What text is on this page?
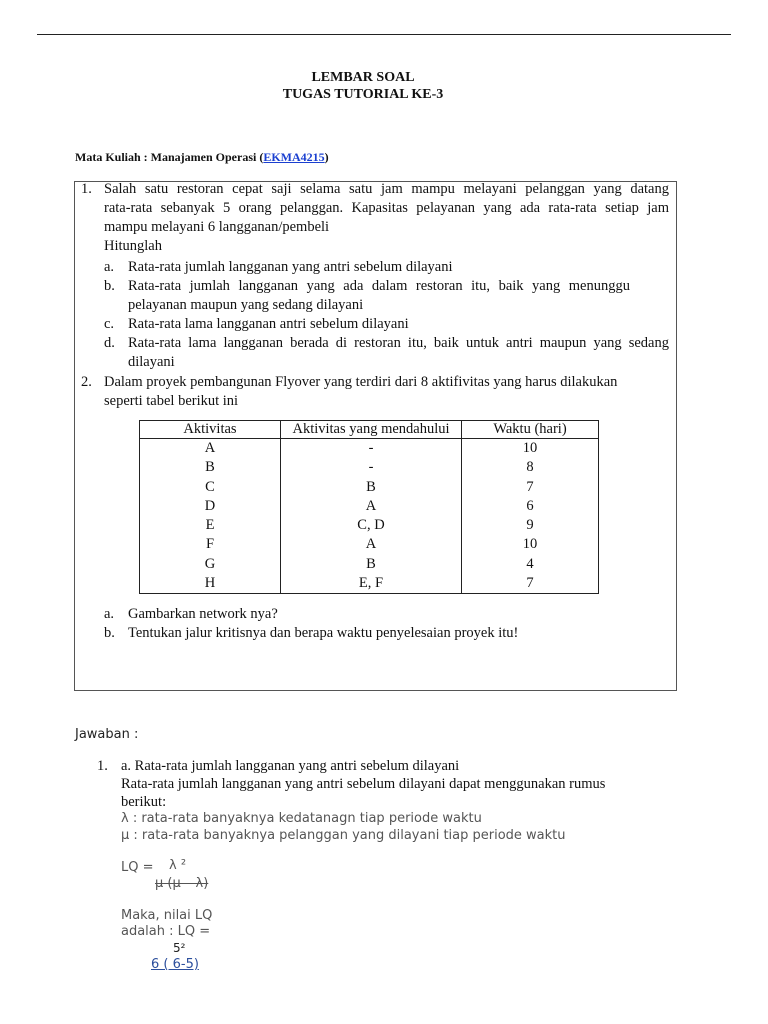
LEMBAR SOAL
TUGAS TUTORIAL KE-3
Mata Kuliah : Manajamen Operasi (EKMA4215)
1. Salah satu restoran cepat saji selama satu jam mampu melayani pelanggan yang datang
rata-rata sebanyak 5 orang pelanggan. Kapasitas pelayanan yang ada rata-rata setiap jam
mampu melayani 6 langganan/pembeli
Hitunglah
a. Rata-rata jumlah langganan yang antri sebelum dilayani
b. Rata-rata jumlah langganan yang ada dalam restoran itu, baik yang menunggu
pelayanan maupun yang sedang dilayani
c. Rata-rata lama langganan antri sebelum dilayani
d. Rata-rata lama langganan berada di restoran itu, baik untuk antri maupun yang sedang
dilayani
2. Dalam proyek pembangunan Flyover yang terdiri dari 8 aktifivitas yang harus dilakukan
seperti tabel berikut ini
Aktivitas	Aktivitas yang mendahului	Waktu (hari)
A	-	10
B	-	8
C	B	7
D	A	6
E	C, D	9
F	A	10
G	B	4
H	E, F	7
a. Gambarkan network nya?
b. Tentukan jalur kritisnya dan berapa waktu penyelesaian proyek itu!
Jawaban :
1. a. Rata-rata jumlah langganan yang antri sebelum dilayani
Rata-rata jumlah langganan yang antri sebelum dilayani dapat menggunakan rumus
berikut:
λ : rata-rata banyaknya kedatanagn tiap periode waktu
μ : rata-rata banyaknya pelanggan yang dilayani tiap periode waktu
LQ = λ ²
μ (μ – λ)
Maka, nilai LQ
adalah : LQ =
5²
6 ( 6-5)
